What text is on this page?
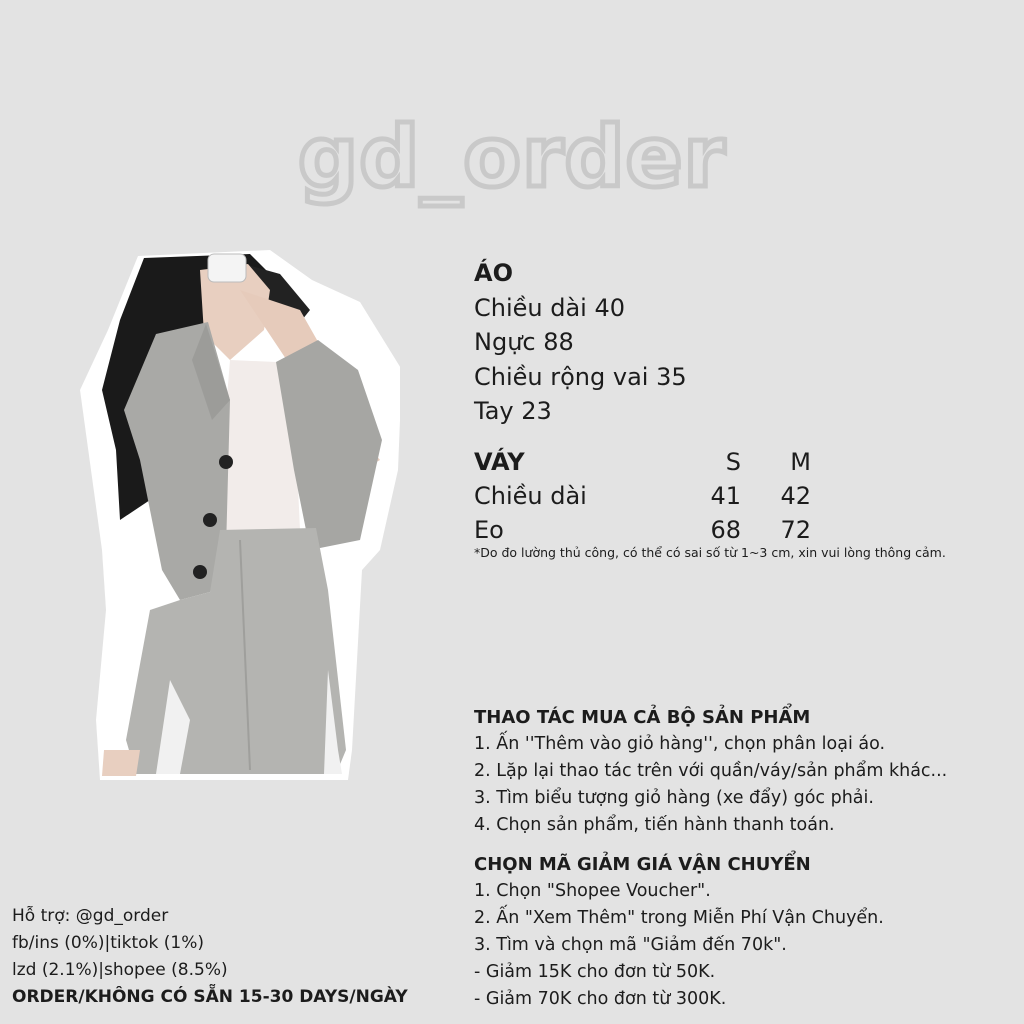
gd_order
ÁO
Chiều dài 40
Ngực 88
Chiều rộng vai 35
Tay 23
VÁY	S	M
Chiều dài	41	42
Eo	68	72
*Do đo lường thủ công, có thể có sai số từ 1~3 cm, xin vui lòng thông cảm.
THAO TÁC MUA CẢ BỘ SẢN PHẨM
1. Ấn ''Thêm vào giỏ hàng'', chọn phân loại áo.
2. Lặp lại thao tác trên với quần/váy/sản phẩm khác...
3. Tìm biểu tượng giỏ hàng (xe đẩy) góc phải.
4. Chọn sản phẩm, tiến hành thanh toán.
CHỌN MÃ GIẢM GIÁ VẬN CHUYỂN
1. Chọn "Shopee Voucher".
2. Ấn "Xem Thêm" trong Miễn Phí Vận Chuyển.
3. Tìm và chọn mã "Giảm đến 70k".
- Giảm 15K cho đơn từ 50K.
- Giảm 70K cho đơn từ 300K.
Hỗ trợ: @gd_order
fb/ins (0%)|tiktok (1%)
lzd (2.1%)|shopee (8.5%)
ORDER/KHÔNG CÓ SẴN 15-30 DAYS/NGÀY
